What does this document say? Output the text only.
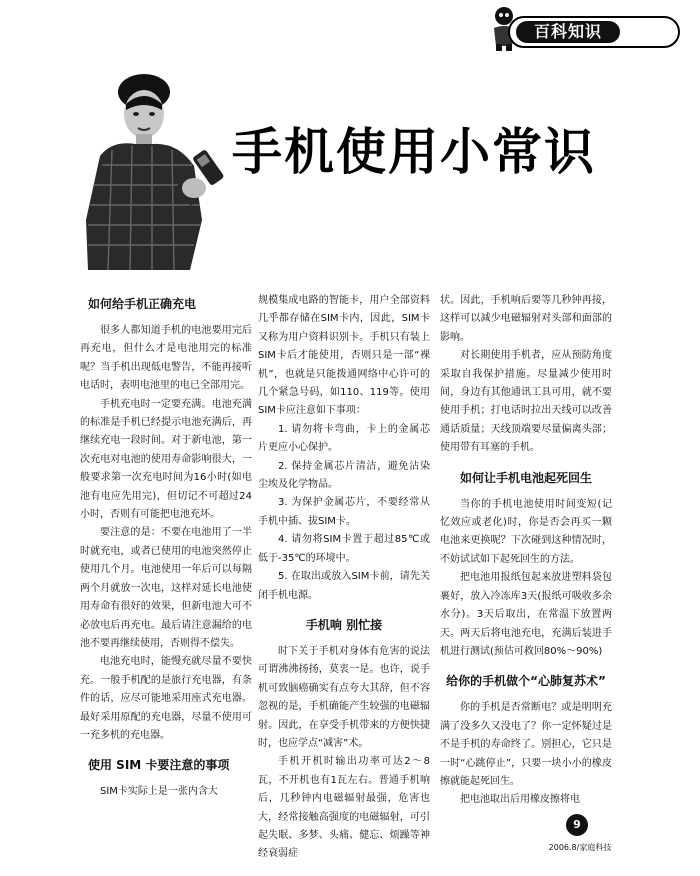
百科知识
手机使用小常识
如何给手机正确充电

很多人都知道手机的电池要用完后再充电，但什么才是电池用完的标准呢？当手机出现低电警告，不能再接听电话时，表明电池里的电已全部用完。

手机充电时一定要充满。电池充满的标准是手机已经提示电池充满后，再继续充电一段时间。对于新电池，第一次充电对电池的使用寿命影响很大，一般要求第一次充电时间为16小时(如电池有电应先用完)，但切记不可超过24小时，否则有可能把电池充坏。

要注意的是：不要在电池用了一半时就充电，或者已使用的电池突然停止使用几个月。电池使用一年后可以每隔两个月就放一次电，这样对延长电池使用寿命有很好的效果，但新电池大可不必放电后再充电。最后请注意漏给的电池不要再继续使用，否则得不偿失。

电池充电时，能慢充就尽量不要快充。一般手机配的是旅行充电器，有条件的话，应尽可能地采用座式充电器。最好采用原配的充电器，尽量不使用可一充多机的充电器。

使用 SIM 卡要注意的事项

SIM卡实际上是一张内含大

规模集成电路的智能卡，用户全部资料几乎都存储在SIM卡内，因此，SIM卡又称为用户资料识别卡。手机只有装上SIM卡后才能使用，否则只是一部“裸机”，也就是只能拨通网络中心许可的几个紧急号码，如110、119等。使用SIM卡应注意如下事项：

1. 请勿将卡弯曲，卡上的金属芯片更应小心保护。

2. 保持金属芯片清洁，避免沾染尘埃及化学物品。

3. 为保护金属芯片，不要经常从手机中插、拔SIM卡。

4. 请勿将SIM卡置于超过85℃或低于-35℃的环境中。

5. 在取出或放入SIM卡前，请先关闭手机电源。

手机响 别忙接

时下关于手机对身体有危害的说法可谓沸沸扬扬，莫衷一是。也许，说手机可致脑癌确实有点夸大其辞，但不容忽视的是，手机确能产生较强的电磁辐射。因此，在享受手机带来的方便快捷时，也应学点“减害”术。

手机开机时输出功率可达2～8瓦，不开机也有1瓦左右。普通手机响后，几秒钟内电磁辐射最强，危害也大，经常接触高强度的电磁辐射，可引起失眠、多梦、头痛、健忘、烦躁等神经衰弱症

状。因此，手机响后要等几秒钟再接，这样可以减少电磁辐射对头部和面部的影响。

对长期使用手机者，应从预防角度采取自我保护措施。尽量减少使用时间，身边有其他通讯工具可用，就不要使用手机；打电话时拉出天线可以改善通话质量；天线顶端要尽量偏离头部；使用带有耳塞的手机。

如何让手机电池起死回生

当你的手机电池使用时间变短(记忆效应或老化)时，你是否会再买一颗电池来更换呢？下次碰到这种情况时，不妨试试如下起死回生的方法。

把电池用报纸包起来放进塑料袋包裹好，放入冷冻库3天(报纸可吸收多余水分)。3天后取出，在常温下放置两天。两天后将电池充电，充满后装进手机进行测试(预估可救回80%～90%)

给你的手机做个“心肺复苏术”

你的手机是否常断电？或是明明充满了没多久又没电了？你一定怀疑过是不是手机的寿命终了。别担心，它只是一时“心跳停止”，只要一块小小的橡皮擦就能起死回生。

把电池取出后用橡皮擦将电

9
2006.8/家庭科技
